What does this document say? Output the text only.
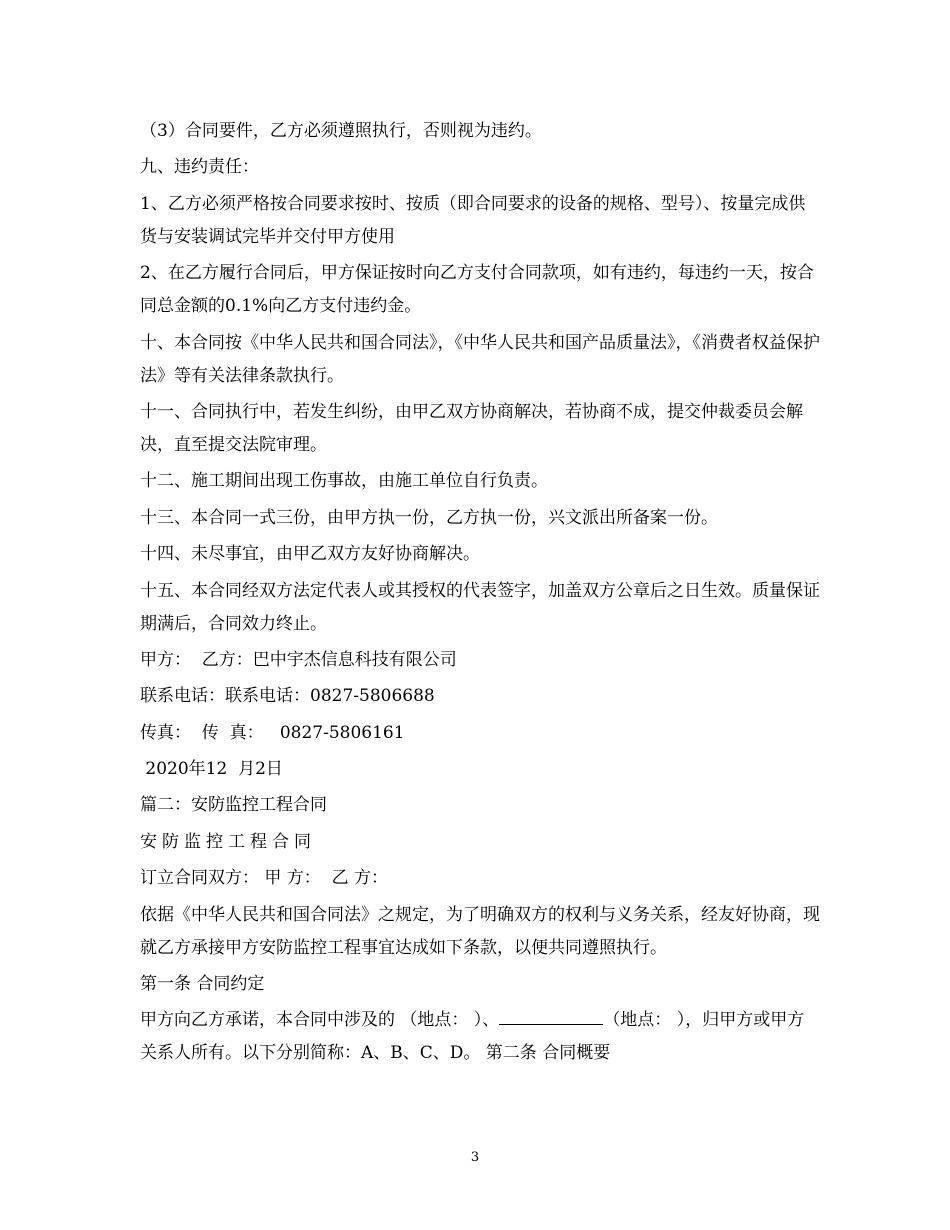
（3）合同要件，乙方必须遵照执行，否则视为违约。

九、违约责任：

1、乙方必须严格按合同要求按时、按质（即合同要求的设备的规格、型号）、按量完成供货与安装调试完毕并交付甲方使用

2、在乙方履行合同后，甲方保证按时向乙方支付合同款项，如有违约，每违约一天，按合同总金额的0.1%向乙方支付违约金。

十、本合同按《中华人民共和国合同法》，《中华人民共和国产品质量法》，《消费者权益保护法》等有关法律条款执行。

十一、合同执行中，若发生纠纷，由甲乙双方协商解决，若协商不成，提交仲裁委员会解决，直至提交法院审理。

十二、施工期间出现工伤事故，由施工单位自行负责。

十三、本合同一式三份，由甲方执一份，乙方执一份，兴文派出所备案一份。

十四、未尽事宜，由甲乙双方友好协商解决。

十五、本合同经双方法定代表人或其授权的代表签字，加盖双方公章后之日生效。质量保证期满后，合同效力终止。

甲方：  乙方：巴中宇杰信息科技有限公司

联系电话：联系电话：0827-5806688

传真：  传  真：   0827-5806161

2020年12  月2日

篇二：安防监控工程合同

安防监控工程合同

订立合同双方： 甲 方：  乙 方：

依据《中华人民共和国合同法》之规定，为了明确双方的权利与义务关系，经友好协商，现就乙方承接甲方安防监控工程事宜达成如下条款，以便共同遵照执行。

第一条 合同约定

甲方向乙方承诺，本合同中涉及的 （地点： ）、	（地点： ），归甲方或甲方关系人所有。以下分别简称：A、B、C、D。 第二条 合同概要

3
